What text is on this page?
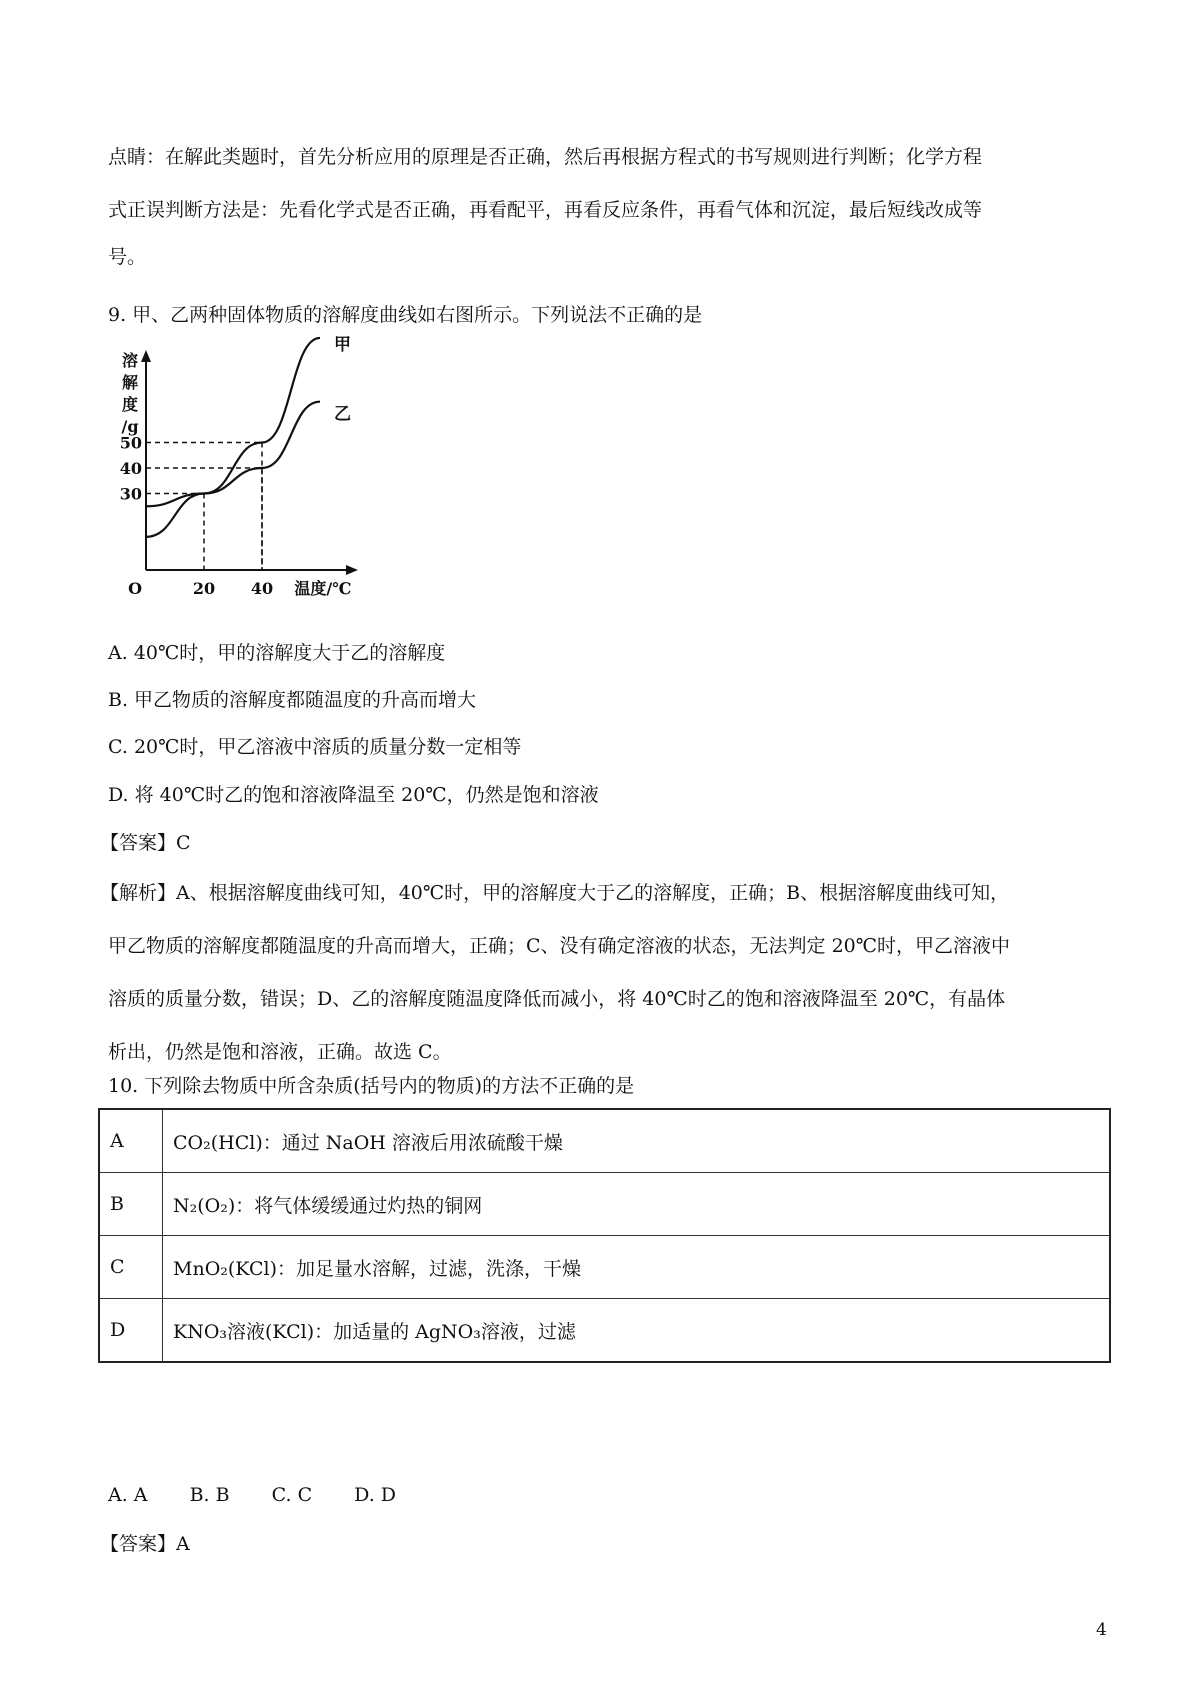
点睛：在解此类题时，首先分析应用的原理是否正确，然后再根据方程式的书写规则进行判断；化学方程
式正误判断方法是：先看化学式是否正确，再看配平，再看反应条件，再看气体和沉淀，最后短线改成等
号。
9. 甲、乙两种固体物质的溶解度曲线如右图所示。下列说法不正确的是
溶
解
度
/g
30
40
50
20 40
O	温度/℃
甲
乙
A. 40℃时，甲的溶解度大于乙的溶解度
B. 甲乙物质的溶解度都随温度的升高而增大
C. 20℃时，甲乙溶液中溶质的质量分数一定相等
D. 将 40℃时乙的饱和溶液降温至 20℃，仍然是饱和溶液
【答案】C
【解析】A、根据溶解度曲线可知，40℃时，甲的溶解度大于乙的溶解度，正确；B、根据溶解度曲线可知，
甲乙物质的溶解度都随温度的升高而增大，正确；C、没有确定溶液的状态，无法判定 20℃时，甲乙溶液中
溶质的质量分数，错误；D、乙的溶解度随温度降低而减小，将 40℃时乙的饱和溶液降温至 20℃，有晶体
析出，仍然是饱和溶液，正确。故选 C。
10. 下列除去物质中所含杂质(括号内的物质)的方法不正确的是
A	CO₂(HCl)：通过 NaOH 溶液后用浓硫酸干燥
B	N₂(O₂)：将气体缓缓通过灼热的铜网
C	MnO₂(KCl)：加足量水溶解，过滤，洗涤，干燥
D	KNO₃溶液(KCl)：加适量的 AgNO₃溶液，过滤
A. A B. B C. C D. D
【答案】A
4
